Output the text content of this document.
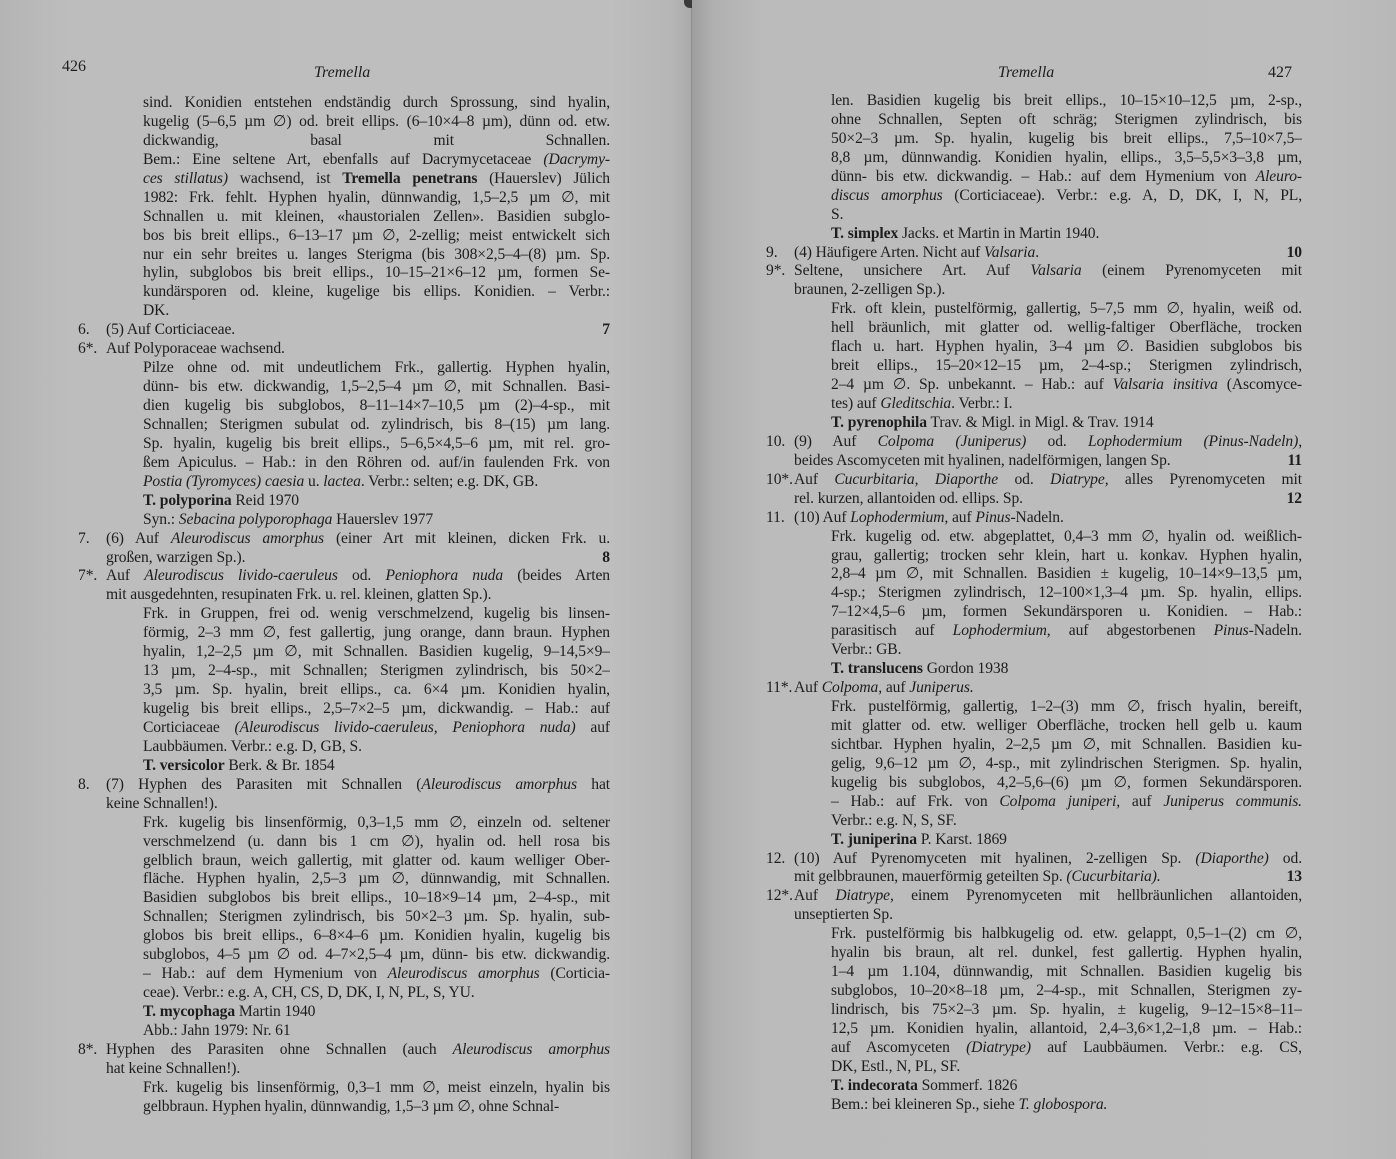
426	Tremella
sind. Konidien entstehen endständig durch Sprossung, sind hyalin,
kugelig (5–6,5 µm ∅) od. breit ellips. (6–10×4–8 µm), dünn od. etw.
dickwandig, basal mit Schnallen.
Bem.: Eine seltene Art, ebenfalls auf Dacrymycetaceae (Dacrymy-
ces stillatus) wachsend, ist Tremella penetrans (Hauerslev) Jülich
1982: Frk. fehlt. Hyphen hyalin, dünnwandig, 1,5–2,5 µm ∅, mit
Schnallen u. mit kleinen, «haustorialen Zellen». Basidien subglo-
bos bis breit ellips., 6–13–17 µm ∅, 2-zellig; meist entwickelt sich
nur ein sehr breites u. langes Sterigma (bis 308×2,5–4–(8) µm. Sp.
hylin, subglobos bis breit ellips., 10–15–21×6–12 µm, formen Se-
kundärsporen od. kleine, kugelige bis ellips. Konidien. – Verbr.:
DK.
6. (5) Auf Corticiaceae.	7
6*. Auf Polyporaceae wachsend.
Pilze ohne od. mit undeutlichem Frk., gallertig. Hyphen hyalin,
dünn- bis etw. dickwandig, 1,5–2,5–4 µm ∅, mit Schnallen. Basi-
dien kugelig bis subglobos, 8–11–14×7–10,5 µm (2)–4-sp., mit
Schnallen; Sterigmen subulat od. zylindrisch, bis 8–(15) µm lang.
Sp. hyalin, kugelig bis breit ellips., 5–6,5×4,5–6 µm, mit rel. gro-
ßem Apiculus. – Hab.: in den Röhren od. auf/in faulenden Frk. von
Postia (Tyromyces) caesia u. lactea. Verbr.: selten; e.g. DK, GB.
T. polyporina Reid 1970
Syn.: Sebacina polyporophaga Hauerslev 1977
7. (6) Auf Aleurodiscus amorphus (einer Art mit kleinen, dicken Frk. u.
großen, warzigen Sp.).	8
7*. Auf Aleurodiscus livido-caeruleus od. Peniophora nuda (beides Arten
mit ausgedehnten, resupinaten Frk. u. rel. kleinen, glatten Sp.).
Frk. in Gruppen, frei od. wenig verschmelzend, kugelig bis linsen-
förmig, 2–3 mm ∅, fest gallertig, jung orange, dann braun. Hyphen
hyalin, 1,2–2,5 µm ∅, mit Schnallen. Basidien kugelig, 9–14,5×9–
13 µm, 2–4-sp., mit Schnallen; Sterigmen zylindrisch, bis 50×2–
3,5 µm. Sp. hyalin, breit ellips., ca. 6×4 µm. Konidien hyalin,
kugelig bis breit ellips., 2,5–7×2–5 µm, dickwandig. – Hab.: auf
Corticiaceae (Aleurodiscus livido-caeruleus, Peniophora nuda) auf
Laubbäumen. Verbr.: e.g. D, GB, S.
T. versicolor Berk. & Br. 1854
8. (7) Hyphen des Parasiten mit Schnallen (Aleurodiscus amorphus hat
keine Schnallen!).
Frk. kugelig bis linsenförmig, 0,3–1,5 mm ∅, einzeln od. seltener
verschmelzend (u. dann bis 1 cm ∅), hyalin od. hell rosa bis
gelblich braun, weich gallertig, mit glatter od. kaum welliger Ober-
fläche. Hyphen hyalin, 2,5–3 µm ∅, dünnwandig, mit Schnallen.
Basidien subglobos bis breit ellips., 10–18×9–14 µm, 2–4-sp., mit
Schnallen; Sterigmen zylindrisch, bis 50×2–3 µm. Sp. hyalin, sub-
globos bis breit ellips., 6–8×4–6 µm. Konidien hyalin, kugelig bis
subglobos, 4–5 µm ∅ od. 4–7×2,5–4 µm, dünn- bis etw. dickwandig.
– Hab.: auf dem Hymenium von Aleurodiscus amorphus (Corticia-
ceae). Verbr.: e.g. A, CH, CS, D, DK, I, N, PL, S, YU.
T. mycophaga Martin 1940
Abb.: Jahn 1979: Nr. 61
8*. Hyphen des Parasiten ohne Schnallen (auch Aleurodiscus amorphus
hat keine Schnallen!).
Frk. kugelig bis linsenförmig, 0,3–1 mm ∅, meist einzeln, hyalin bis
gelbbraun. Hyphen hyalin, dünnwandig, 1,5–3 µm ∅, ohne Schnal-
Tremella	427
len. Basidien kugelig bis breit ellips., 10–15×10–12,5 µm, 2-sp.,
ohne Schnallen, Septen oft schräg; Sterigmen zylindrisch, bis
50×2–3 µm. Sp. hyalin, kugelig bis breit ellips., 7,5–10×7,5–
8,8 µm, dünnwandig. Konidien hyalin, ellips., 3,5–5,5×3–3,8 µm,
dünn- bis etw. dickwandig. – Hab.: auf dem Hymenium von Aleuro-
discus amorphus (Corticiaceae). Verbr.: e.g. A, D, DK, I, N, PL,
S.
T. simplex Jacks. et Martin in Martin 1940.
9. (4) Häufigere Arten. Nicht auf Valsaria.	10
9*. Seltene, unsichere Art. Auf Valsaria (einem Pyrenomyceten mit
braunen, 2-zelligen Sp.).
Frk. oft klein, pustelförmig, gallertig, 5–7,5 mm ∅, hyalin, weiß od.
hell bräunlich, mit glatter od. wellig-faltiger Oberfläche, trocken
flach u. hart. Hyphen hyalin, 3–4 µm ∅. Basidien subglobos bis
breit ellips., 15–20×12–15 µm, 2–4-sp.; Sterigmen zylindrisch,
2–4 µm ∅. Sp. unbekannt. – Hab.: auf Valsaria insitiva (Ascomyce-
tes) auf Gleditschia. Verbr.: I.
T. pyrenophila Trav. & Migl. in Migl. & Trav. 1914
10. (9) Auf Colpoma (Juniperus) od. Lophodermium (Pinus-Nadeln),
beides Ascomyceten mit hyalinen, nadelförmigen, langen Sp.	11
10*.Auf Cucurbitaria, Diaporthe od. Diatrype, alles Pyrenomyceten mit
rel. kurzen, allantoiden od. ellips. Sp.	12
11. (10) Auf Lophodermium, auf Pinus-Nadeln.
Frk. kugelig od. etw. abgeplattet, 0,4–3 mm ∅, hyalin od. weißlich-
grau, gallertig; trocken sehr klein, hart u. konkav. Hyphen hyalin,
2,8–4 µm ∅, mit Schnallen. Basidien ± kugelig, 10–14×9–13,5 µm,
4-sp.; Sterigmen zylindrisch, 12–100×1,3–4 µm. Sp. hyalin, ellips.
7–12×4,5–6 µm, formen Sekundärsporen u. Konidien. – Hab.:
parasitisch auf Lophodermium, auf abgestorbenen Pinus-Nadeln.
Verbr.: GB.
T. translucens Gordon 1938
11*. Auf Colpoma, auf Juniperus.
Frk. pustelförmig, gallertig, 1–2–(3) mm ∅, frisch hyalin, bereift,
mit glatter od. etw. welliger Oberfläche, trocken hell gelb u. kaum
sichtbar. Hyphen hyalin, 2–2,5 µm ∅, mit Schnallen. Basidien ku-
gelig, 9,6–12 µm ∅, 4-sp., mit zylindrischen Sterigmen. Sp. hyalin,
kugelig bis subglobos, 4,2–5,6–(6) µm ∅, formen Sekundärsporen.
– Hab.: auf Frk. von Colpoma juniperi, auf Juniperus communis.
Verbr.: e.g. N, S, SF.
T. juniperina P. Karst. 1869
12. (10) Auf Pyrenomyceten mit hyalinen, 2-zelligen Sp. (Diaporthe) od.
mit gelbbraunen, mauerförmig geteilten Sp. (Cucurbitaria).	13
12*.Auf Diatrype, einem Pyrenomyceten mit hellbräunlichen allantoiden,
unseptierten Sp.
Frk. pustelförmig bis halbkugelig od. etw. gelappt, 0,5–1–(2) cm ∅,
hyalin bis braun, alt rel. dunkel, fest gallertig. Hyphen hyalin,
1–4 µm 1.104, dünnwandig, mit Schnallen. Basidien kugelig bis
subglobos, 10–20×8–18 µm, 2–4-sp., mit Schnallen, Sterigmen zy-
lindrisch, bis 75×2–3 µm. Sp. hyalin, ± kugelig, 9–12–15×8–11–
12,5 µm. Konidien hyalin, allantoid, 2,4–3,6×1,2–1,8 µm. – Hab.:
auf Ascomyceten (Diatrype) auf Laubbäumen. Verbr.: e.g. CS,
DK, Estl., N, PL, SF.
T. indecorata Sommerf. 1826
Bem.: bei kleineren Sp., siehe T. globospora.
